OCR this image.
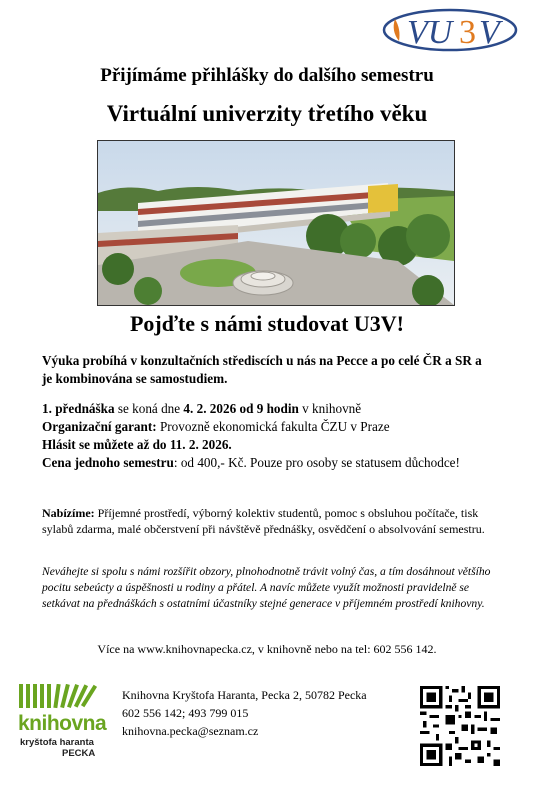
VU 3 V
Přijímáme přihlášky do dalšího semestru
Virtuální univerzity třetího věku
Pojďte s námi studovat U3V!
Výuka probíhá v konzultačních střediscích u nás na Pecce a po celé ČR a SR a je kombinována se samostudiem.
1. přednáška se koná dne 4. 2. 2026 od 9 hodin v knihovně
Organizační garant: Provozně ekonomická fakulta ČZU v Praze
Hlásit se můžete až do 11. 2. 2026.
Cena jednoho semestru: od 400,- Kč. Pouze pro osoby se statusem důchodce!
Nabízíme: Příjemné prostředí, výborný kolektiv studentů, pomoc s obsluhou počítače, tisk sylabů zdarma, malé občerstvení při návštěvě přednášky, osvědčení o absolvování semestru.
Neváhejte si spolu s námi rozšířit obzory, plnohodnotně trávit volný čas, a tím dosáhnout většího pocitu sebeúcty a úspěšnosti u rodiny a přátel. A navíc můžete využít možnosti pravidelně se setkávat na přednáškách s ostatními účastníky stejné generace v příjemném prostředí knihovny.
Více na www.knihovnapecka.cz, v knihovně nebo na tel: 602 556 142.
knihovna
kryštofa haranta
PECKA
Knihovna Kryštofa Haranta, Pecka 2, 50782 Pecka
602 556 142; 493 799 015
knihovna.pecka@seznam.cz
